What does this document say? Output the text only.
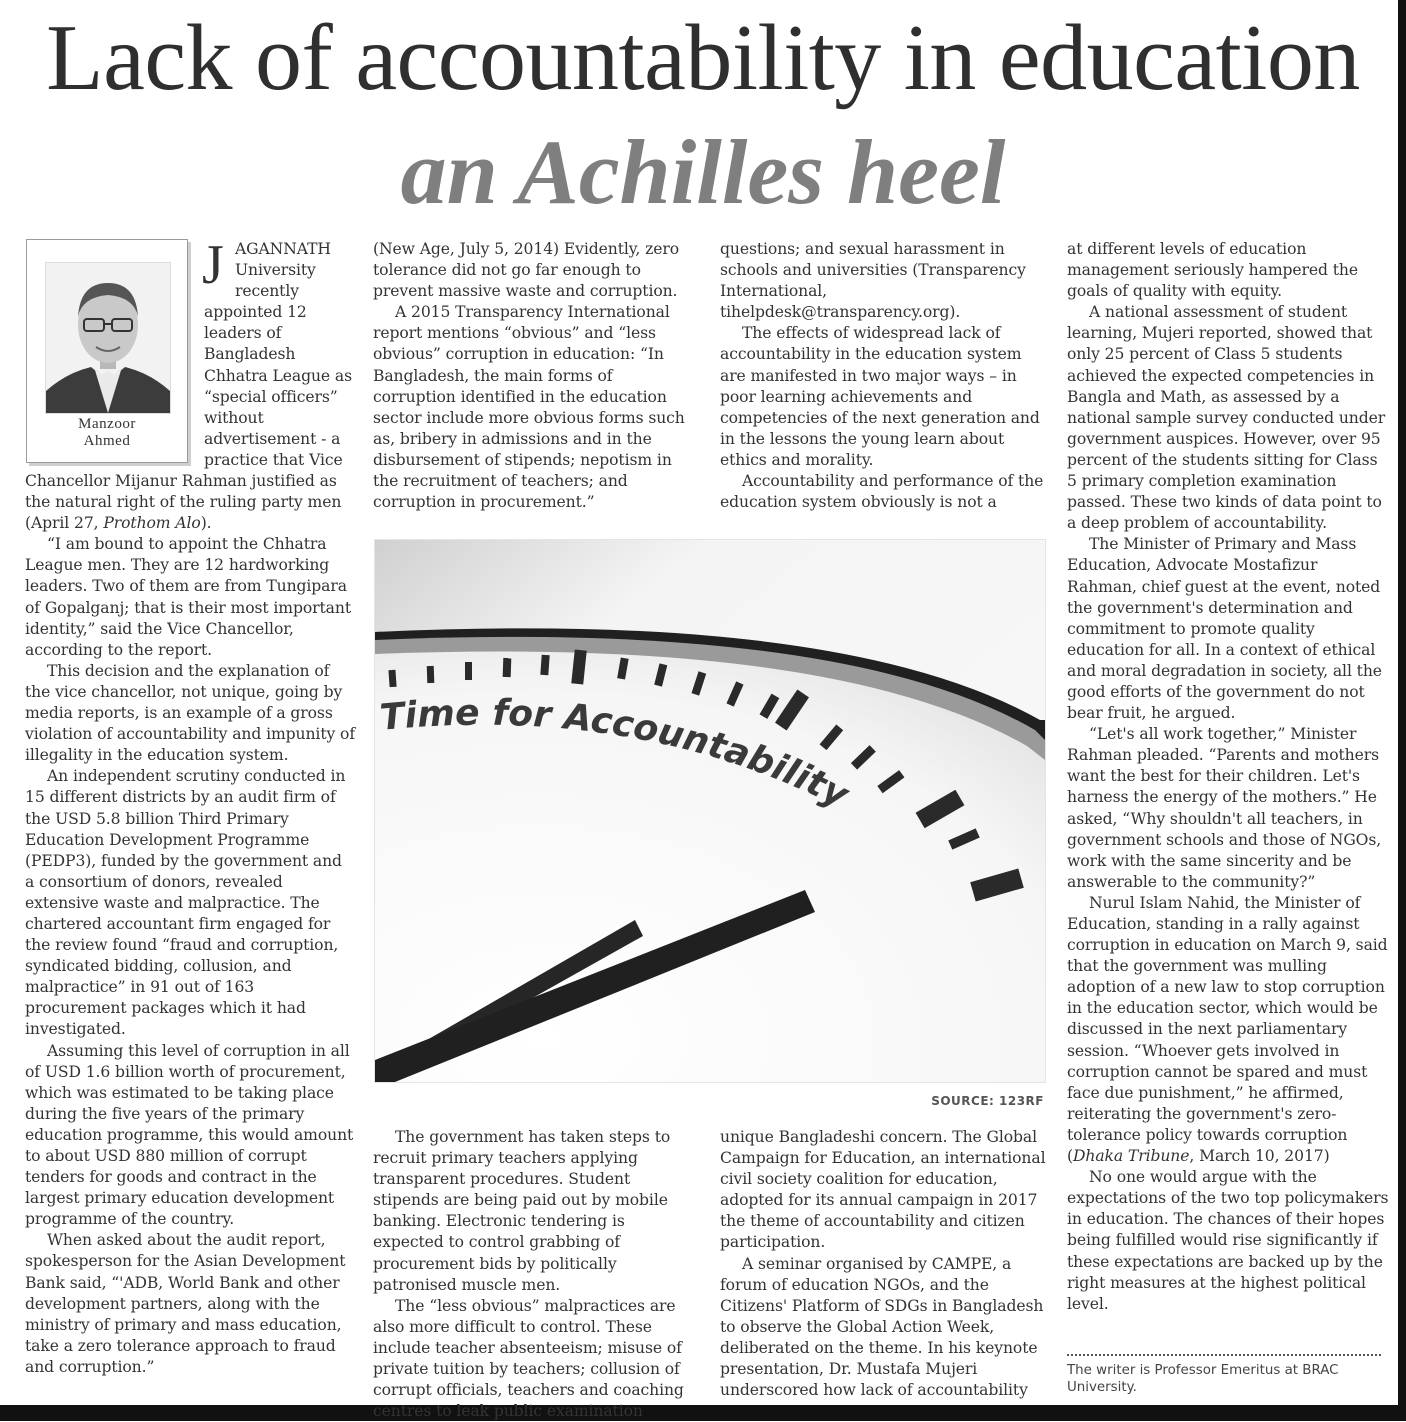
Lack of accountability in education
an Achilles heel
Manzoor
Ahmed
J AGANNATH
University
recently
appointed 12
leaders of
Bangladesh
Chhatra League as
“special officers”
without
advertisement - a
practice that Vice

Chancellor Mijanur Rahman justified as the natural right of the ruling party men (April 27, Prothom Alo).

“I am bound to appoint the Chhatra League men. They are 12 hardworking leaders. Two of them are from Tungipara of Gopalganj; that is their most important identity,” said the Vice Chancellor, according to the report.

This decision and the explanation of the vice chancellor, not unique, going by media reports, is an example of a gross violation of accountability and impunity of illegality in the education system.

An independent scrutiny conducted in 15 different districts by an audit firm of the USD 5.8 billion Third Primary Education Development Programme (PEDP3), funded by the government and a consortium of donors, revealed extensive waste and malpractice. The chartered accountant firm engaged for the review found “fraud and corruption, syndicated bidding, collusion, and malpractice” in 91 out of 163 procurement packages which it had investigated.

Assuming this level of corruption in all of USD 1.6 billion worth of procurement, which was estimated to be taking place during the five years of the primary education programme, this would amount to about USD 880 million of corrupt tenders for goods and contract in the largest primary education development programme of the country.

When asked about the audit report, spokesperson for the Asian Development Bank said, “'ADB, World Bank and other development partners, along with the ministry of primary and mass education, take a zero tolerance approach to fraud and corruption.”

(New Age, July 5, 2014) Evidently, zero tolerance did not go far enough to prevent massive waste and corruption.

A 2015 Transparency International report mentions “obvious” and “less obvious” corruption in education: “In Bangladesh, the main forms of corruption identified in the education sector include more obvious forms such as, bribery in admissions and in the disbursement of stipends; nepotism in the recruitment of teachers; and corruption in procurement.”

questions; and sexual harassment in schools and universities (Transparency International, tihelpdesk@transparency.org).

The effects of widespread lack of accountability in the education system are manifested in two major ways – in poor learning achievements and competencies of the next generation and in the lessons the young learn about ethics and morality.

Accountability and performance of the education system obviously is not a

Time for Accountability
SOURCE: 123RF

The government has taken steps to recruit primary teachers applying transparent procedures. Student stipends are being paid out by mobile banking. Electronic tendering is expected to control grabbing of procurement bids by politically patronised muscle men.

The “less obvious” malpractices are also more difficult to control. These include teacher absenteeism; misuse of private tuition by teachers; collusion of corrupt officials, teachers and coaching centres to leak public examination

unique Bangladeshi concern. The Global Campaign for Education, an international civil society coalition for education, adopted for its annual campaign in 2017 the theme of accountability and citizen participation.

A seminar organised by CAMPE, a forum of education NGOs, and the Citizens' Platform of SDGs in Bangladesh to observe the Global Action Week, deliberated on the theme. In his keynote presentation, Dr. Mustafa Mujeri underscored how lack of accountability

at different levels of education management seriously hampered the goals of quality with equity.

A national assessment of student learning, Mujeri reported, showed that only 25 percent of Class 5 students achieved the expected competencies in Bangla and Math, as assessed by a national sample survey conducted under government auspices. However, over 95 percent of the students sitting for Class 5 primary completion examination passed. These two kinds of data point to a deep problem of accountability.

The Minister of Primary and Mass Education, Advocate Mostafizur Rahman, chief guest at the event, noted the government's determination and commitment to promote quality education for all. In a context of ethical and moral degradation in society, all the good efforts of the government do not bear fruit, he argued.

“Let's all work together,” Minister Rahman pleaded. “Parents and mothers want the best for their children. Let's harness the energy of the mothers.” He asked, “Why shouldn't all teachers, in government schools and those of NGOs, work with the same sincerity and be answerable to the community?”

Nurul Islam Nahid, the Minister of Education, standing in a rally against corruption in education on March 9, said that the government was mulling adoption of a new law to stop corruption in the education sector, which would be discussed in the next parliamentary session. “Whoever gets involved in corruption cannot be spared and must face due punishment,” he affirmed, reiterating the government's zero-tolerance policy towards corruption (Dhaka Tribune, March 10, 2017)

No one would argue with the expectations of the two top policymakers in education. The chances of their hopes being fulfilled would rise significantly if these expectations are backed up by the right measures at the highest political level.

The writer is Professor Emeritus at BRAC University.
